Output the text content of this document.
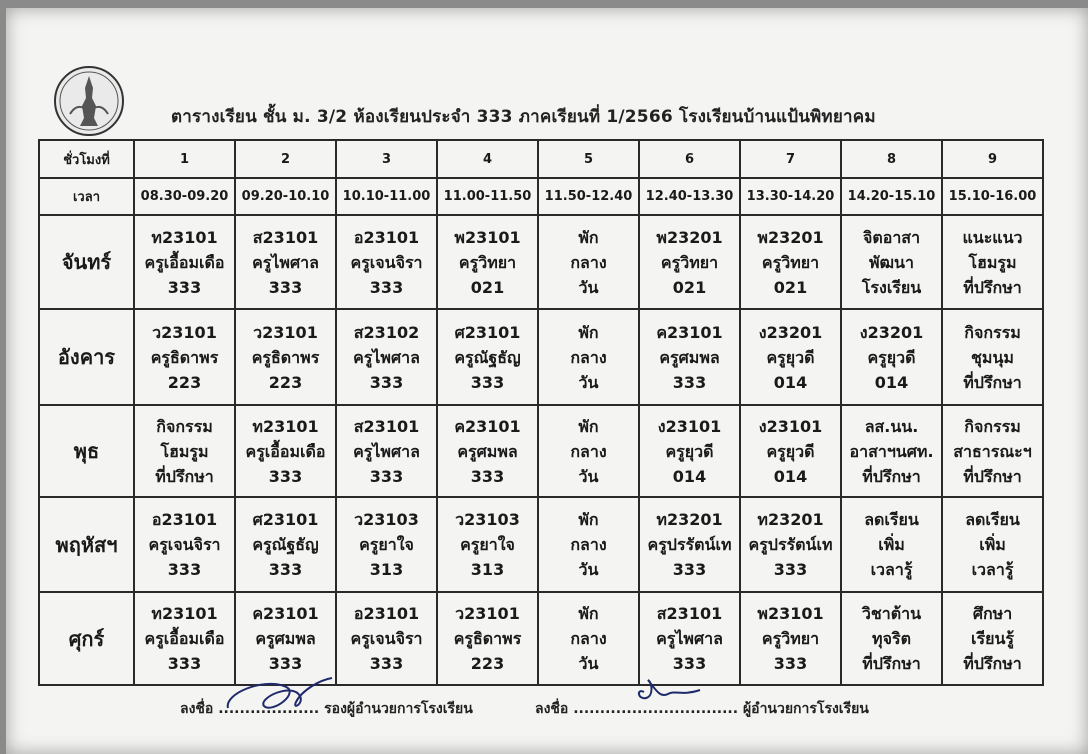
ตารางเรียน ชั้น ม. 3/2 ห้องเรียนประจำ 333 ภาคเรียนที่ 1/2566 โรงเรียนบ้านแป้นพิทยาคม
ชั่วโมงที่	1	2	3	4	5	6	7	8	9
เวลา	08.30-09.20	09.20-10.10	10.10-11.00	11.00-11.50	11.50-12.40	12.40-13.30	13.30-14.20	14.20-15.10	15.10-16.00
จันทร์	ท23101
ครูเอื้อมเดือ
333	ส23101
ครูไพศาล
333	อ23101
ครูเจนจิรา
333	พ23101
ครูวิทยา
021	พัก
กลาง
วัน	พ23201
ครูวิทยา
021	พ23201
ครูวิทยา
021	จิตอาสา
พัฒนา
โรงเรียน	แนะแนว
โฮมรูม
ที่ปรึกษา

อังคาร	ว23101
ครูธิดาพร
223	ว23101
ครูธิดาพร
223	ส23102
ครูไพศาล
333	ศ23101
ครูณัฐธัญ
333	พัก
กลาง
วัน	ค23101
ครูศมพล
333	ง23201
ครูยุวดี
014	ง23201
ครูยุวดี
014	กิจกรรม
ชุมนุม
ที่ปรึกษา

พุธ	กิจกรรม
โฮมรูม
ที่ปรึกษา	ท23101
ครูเอื้อมเดือ
333	ส23101
ครูไพศาล
333	ค23101
ครูศมพล
333	พัก
กลาง
วัน	ง23101
ครูยุวดี
014	ง23101
ครูยุวดี
014	ลส.นน.
อาสาฯนศท.
ที่ปรึกษา	กิจกรรม
สาธารณะฯ
ที่ปรึกษา

พฤหัสฯ	อ23101
ครูเจนจิรา
333	ศ23101
ครูณัฐธัญ
333	ว23103
ครูยาใจ
313	ว23103
ครูยาใจ
313	พัก
กลาง
วัน	ท23201
ครูปรรัตน์เท
333	ท23201
ครูปรรัตน์เท
333	ลดเรียน
เพิ่ม
เวลารู้	ลดเรียน
เพิ่ม
เวลารู้

ศุกร์	ท23101
ครูเอื้อมเดือ
333	ค23101
ครูศมพล
333	อ23101
ครูเจนจิรา
333	ว23101
ครูธิดาพร
223	พัก
กลาง
วัน	ส23101
ครูไพศาล
333	พ23101
ครูวิทยา
333	วิชาต้าน
ทุจริต
ที่ปรึกษา	ศึกษา
เรียนรู้
ที่ปรึกษา
ลงชื่อ ................... รองผู้อำนวยการโรงเรียน	ลงชื่อ ............................... ผู้อำนวยการโรงเรียน
